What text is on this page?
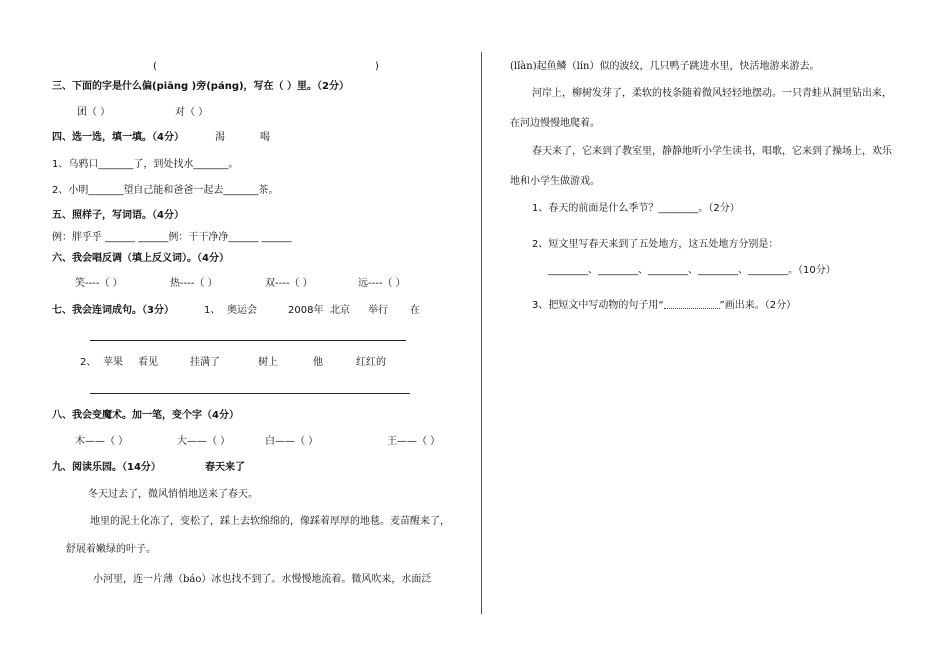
(	)
三、下面的字是什么偏(piāng )旁(páng)，写在（ ）里。（2分）
团（ ）	对（ ）
四、选一选，填一填。（4分）	渴	喝
1、乌鸦口_______了，到处找水_______。
2、小明_______望自己能和爸爸一起去_______茶。
五、照样子，写词语。（4分）
例：胖乎乎 ______ ______例：干干净净______ ______
六、我会唱反调（填上反义词）。（4分）
笑----（ ）	热----（ ）	双----（ ）	远----（ ）
七、我会连词成句。（3分）	1、 奥运会	2008年 北京 举行 在
2、 苹果 看见	挂满了	树上	他	红红的
八、我会变魔术。加一笔，变个字（4分）
木——（ ）	大——（ ）	白——（ ）	王——（ ）
九、阅读乐园。（14分）	春天来了
冬天过去了，微风悄悄地送来了春天。
地里的泥土化冻了，变松了，踩上去软绵绵的，像踩着厚厚的地毯。麦苗醒来了，
舒展着嫩绿的叶子。
小河里，连一片薄（báo）冰也找不到了。水慢慢地流着。微风吹来，水面泛
(lǐàn)起鱼鳞（lín）似的波纹，几只鸭子跳进水里，快活地游来游去。
河岸上，柳树发芽了，柔软的枝条随着微风轻轻地摆动。一只青蛙从洞里钻出来，
在河边慢慢地爬着。
春天来了，它来到了教室里，静静地听小学生读书，唱歌，它来到了操场上，欢乐
地和小学生做游戏。
1、春天的前面是什么季节？________。（2分）
2、短文里写春天来到了五处地方，这五处地方分别是：
________、________、________、________、________。（10分）
3、把短文中写动物的句子用“	”画出来。（2分）
